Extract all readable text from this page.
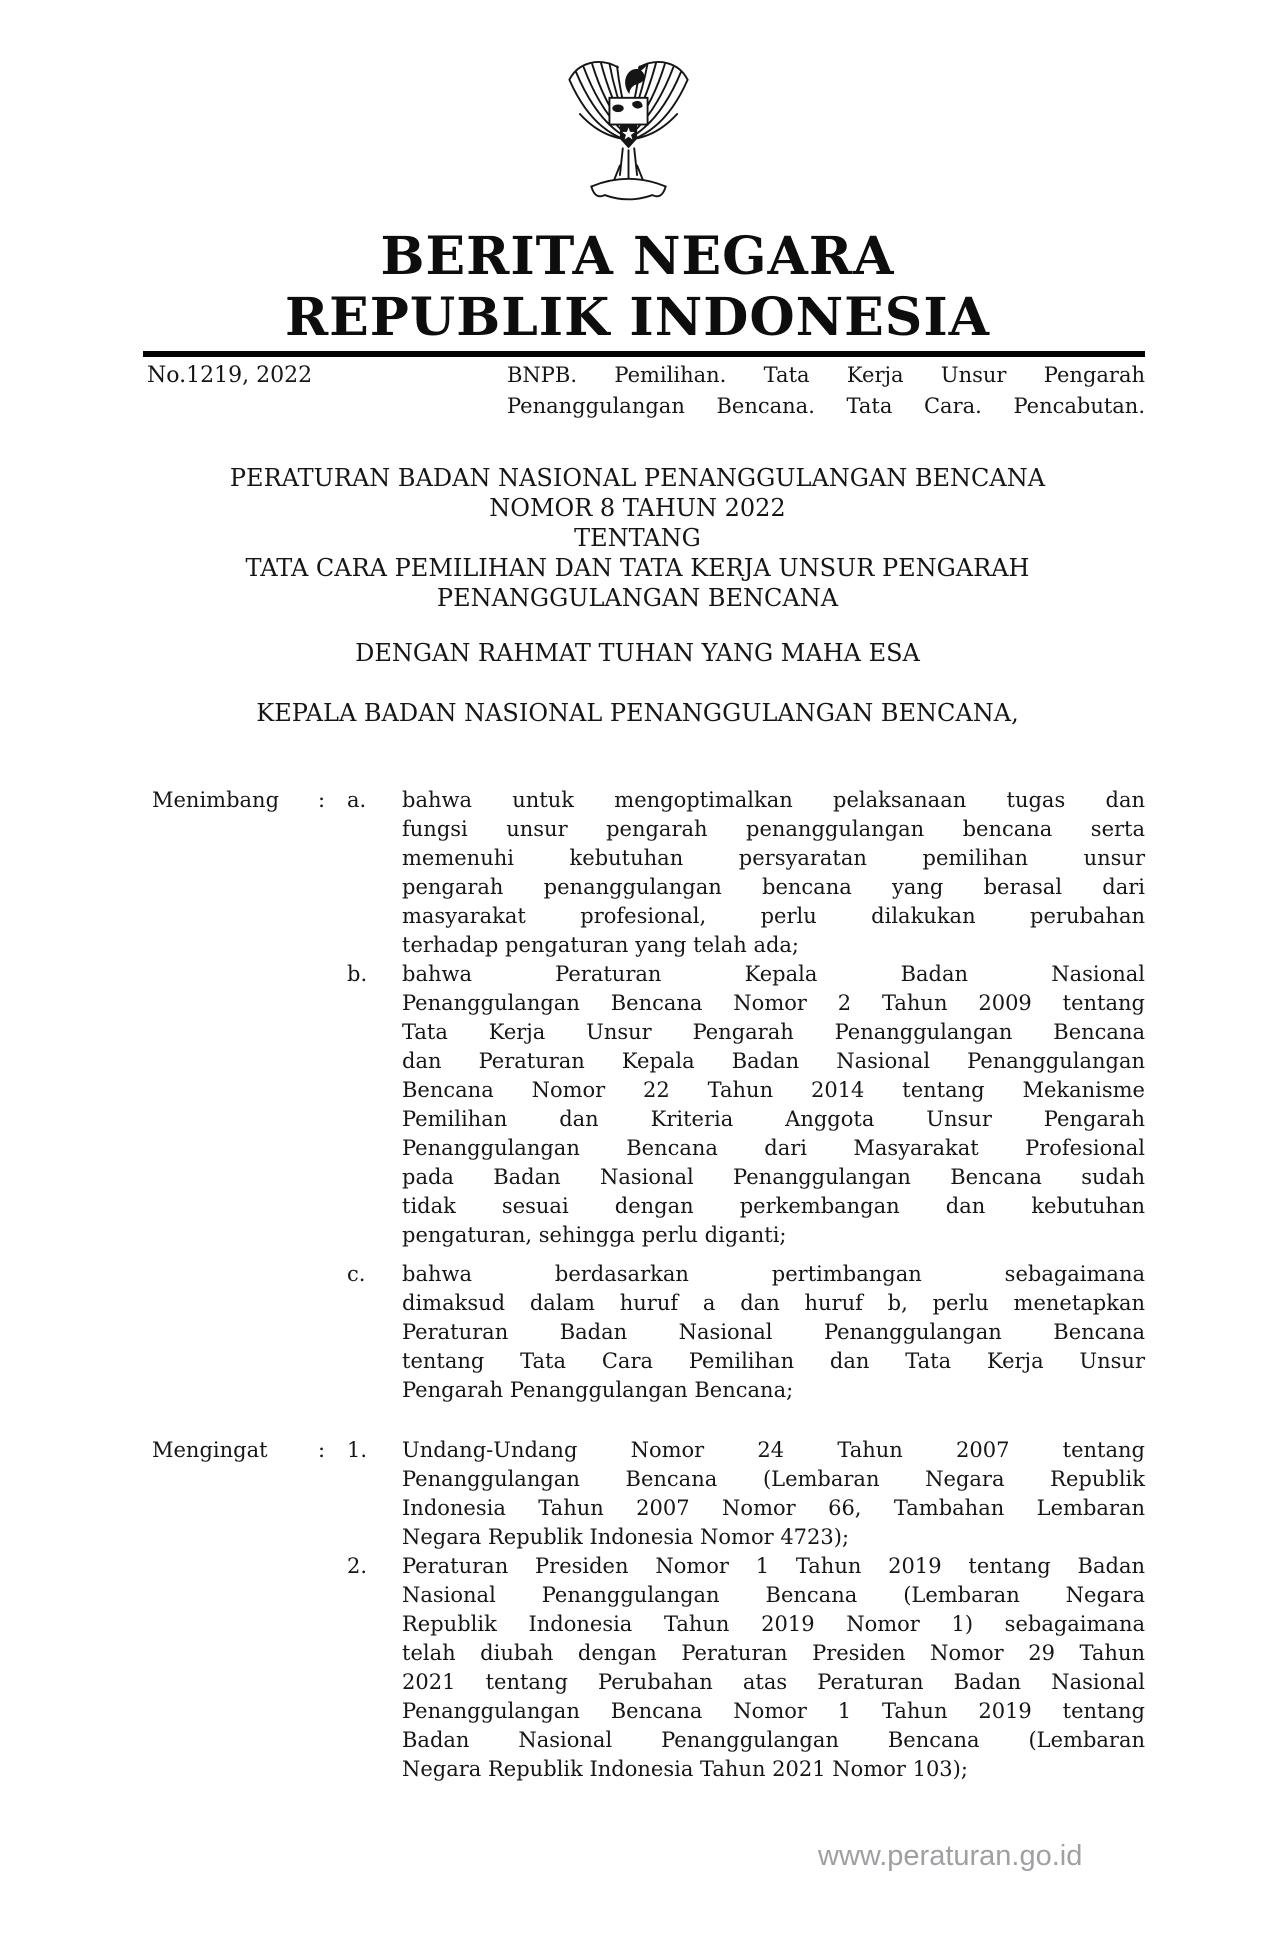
BERITA NEGARA
REPUBLIK INDONESIA
No.1219, 2022	BNPB. Pemilihan. Tata Kerja Unsur Pengarah
Penanggulangan Bencana. Tata Cara. Pencabutan.
PERATURAN BADAN NASIONAL PENANGGULANGAN BENCANA
NOMOR 8 TAHUN 2022
TENTANG
TATA CARA PEMILIHAN DAN TATA KERJA UNSUR PENGARAH
PENANGGULANGAN BENCANA
DENGAN RAHMAT TUHAN YANG MAHA ESA
KEPALA BADAN NASIONAL PENANGGULANGAN BENCANA,
Menimbang : a.	bahwa untuk mengoptimalkan pelaksanaan tugas dan
fungsi unsur pengarah penanggulangan bencana serta
memenuhi kebutuhan persyaratan pemilihan unsur
pengarah penanggulangan bencana yang berasal dari
masyarakat profesional, perlu dilakukan perubahan
terhadap pengaturan yang telah ada;
b.	bahwa Peraturan Kepala Badan Nasional
Penanggulangan Bencana Nomor 2 Tahun 2009 tentang
Tata Kerja Unsur Pengarah Penanggulangan Bencana
dan Peraturan Kepala Badan Nasional Penanggulangan
Bencana Nomor 22 Tahun 2014 tentang Mekanisme
Pemilihan dan Kriteria Anggota Unsur Pengarah
Penanggulangan Bencana dari Masyarakat Profesional
pada Badan Nasional Penanggulangan Bencana sudah
tidak sesuai dengan perkembangan dan kebutuhan
pengaturan, sehingga perlu diganti;
c.	bahwa berdasarkan pertimbangan sebagaimana
dimaksud dalam huruf a dan huruf b, perlu menetapkan
Peraturan Badan Nasional Penanggulangan Bencana
tentang Tata Cara Pemilihan dan Tata Kerja Unsur
Pengarah Penanggulangan Bencana;
Mengingat : 1.	Undang-Undang Nomor 24 Tahun 2007 tentang
Penanggulangan Bencana (Lembaran Negara Republik
Indonesia Tahun 2007 Nomor 66, Tambahan Lembaran
Negara Republik Indonesia Nomor 4723);
2.	Peraturan Presiden Nomor 1 Tahun 2019 tentang Badan
Nasional Penanggulangan Bencana (Lembaran Negara
Republik Indonesia Tahun 2019 Nomor 1) sebagaimana
telah diubah dengan Peraturan Presiden Nomor 29 Tahun
2021 tentang Perubahan atas Peraturan Badan Nasional
Penanggulangan Bencana Nomor 1 Tahun 2019 tentang
Badan Nasional Penanggulangan Bencana (Lembaran
Negara Republik Indonesia Tahun 2021 Nomor 103);
www.peraturan.go.id
